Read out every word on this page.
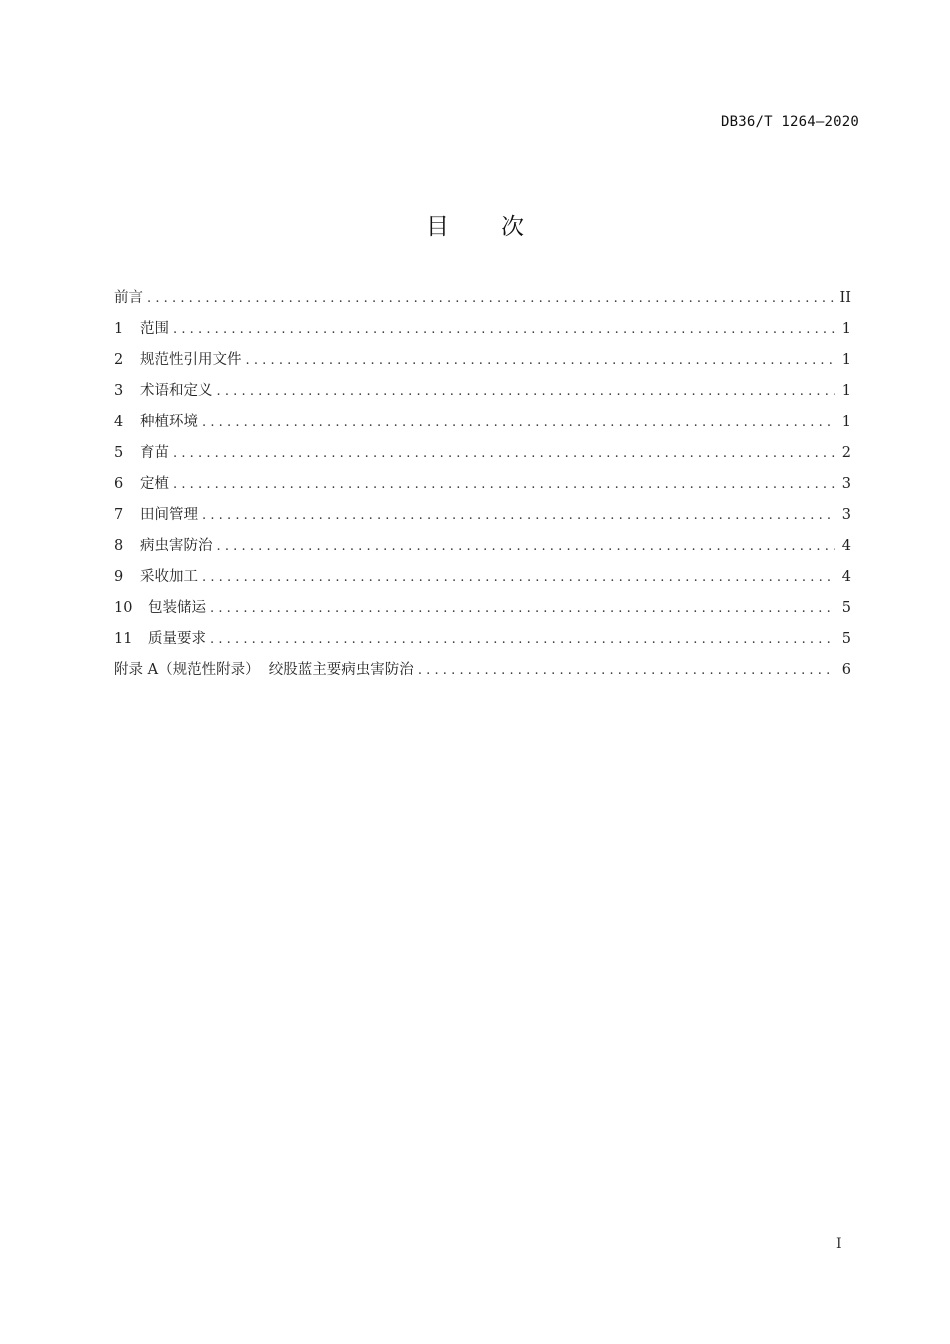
DB36/T 1264—2020
目 次
前言 .....	II
1	范围 .....	1
2	规范性引用文件 .....	1
3	术语和定义 .....	1
4	种植环境 .....	1
5	育苗 .....	2
6	定植 .....	3
7	田间管理 .....	3
8	病虫害防治 .....	4
9	采收加工 .....	4
10	包装储运 .....	5
11	质量要求 .....	5
附录 A（规范性附录）  绞股蓝主要病虫害防治 .....	6
I
